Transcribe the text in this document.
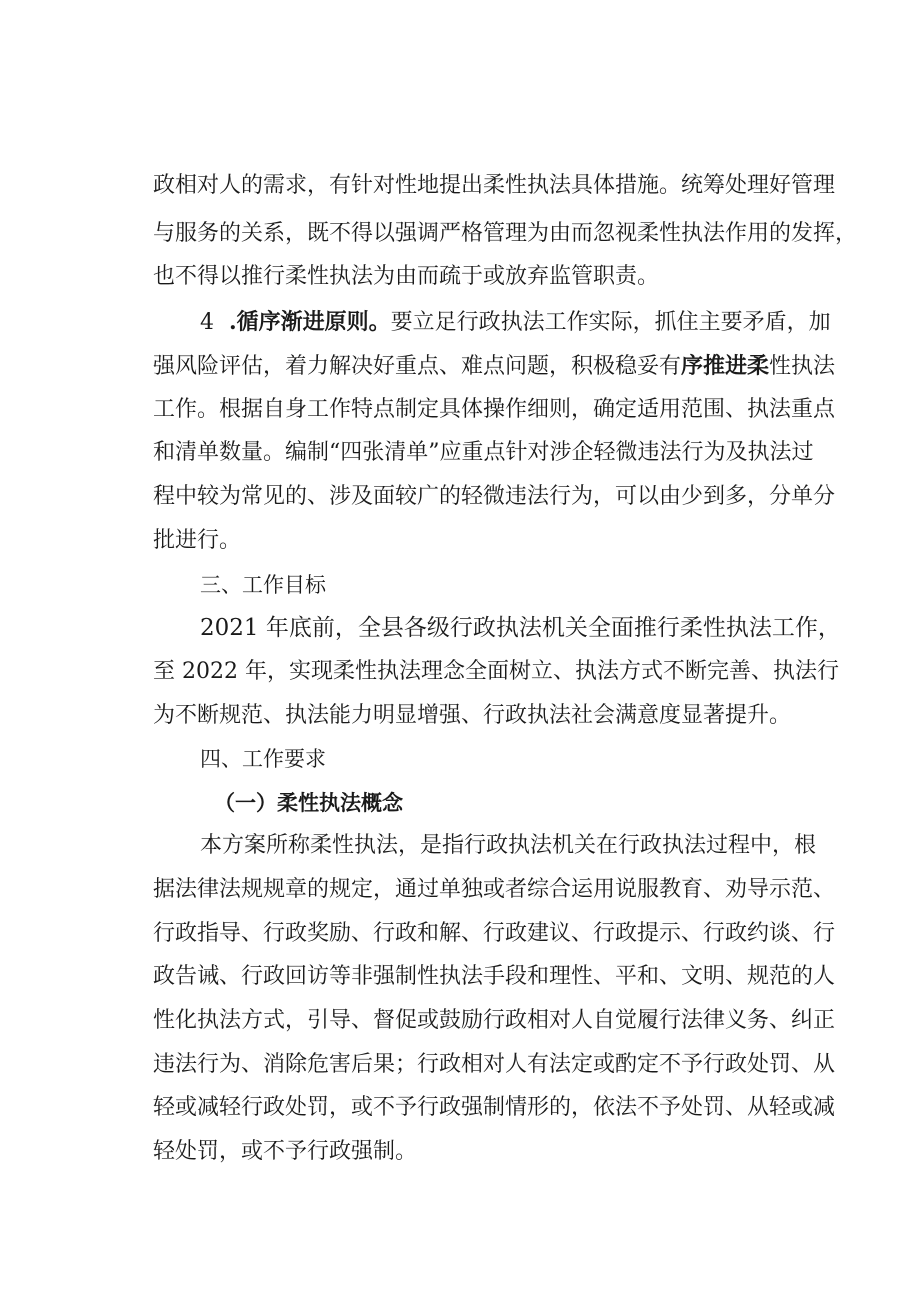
政相对人的需求，有针对性地提出柔性执法具体措施。统筹处理好管理
与服务的关系，既不得以强调严格管理为由而忽视柔性执法作用的发挥，
也不得以推行柔性执法为由而疏于或放弃监管职责。
4 .循序渐进原则。要立足行政执法工作实际，抓住主要矛盾，加
强风险评估，着力解决好重点、难点问题，积极稳妥有序推进柔性执法
工作。根据自身工作特点制定具体操作细则，确定适用范围、执法重点
和清单数量。编制“四张清单”应重点针对涉企轻微违法行为及执法过
程中较为常见的、涉及面较广的轻微违法行为，可以由少到多，分单分
批进行。
三、工作目标
2021 年底前，全县各级行政执法机关全面推行柔性执法工作，
至 2022 年，实现柔性执法理念全面树立、执法方式不断完善、执法行
为不断规范、执法能力明显增强、行政执法社会满意度显著提升。
四、工作要求
（一）柔性执法概念
本方案所称柔性执法，是指行政执法机关在行政执法过程中，根
据法律法规规章的规定，通过单独或者综合运用说服教育、劝导示范、
行政指导、行政奖励、行政和解、行政建议、行政提示、行政约谈、行
政告诫、行政回访等非强制性执法手段和理性、平和、文明、规范的人
性化执法方式，引导、督促或鼓励行政相对人自觉履行法律义务、纠正
违法行为、消除危害后果；行政相对人有法定或酌定不予行政处罚、从
轻或减轻行政处罚，或不予行政强制情形的，依法不予处罚、从轻或减
轻处罚，或不予行政强制。
